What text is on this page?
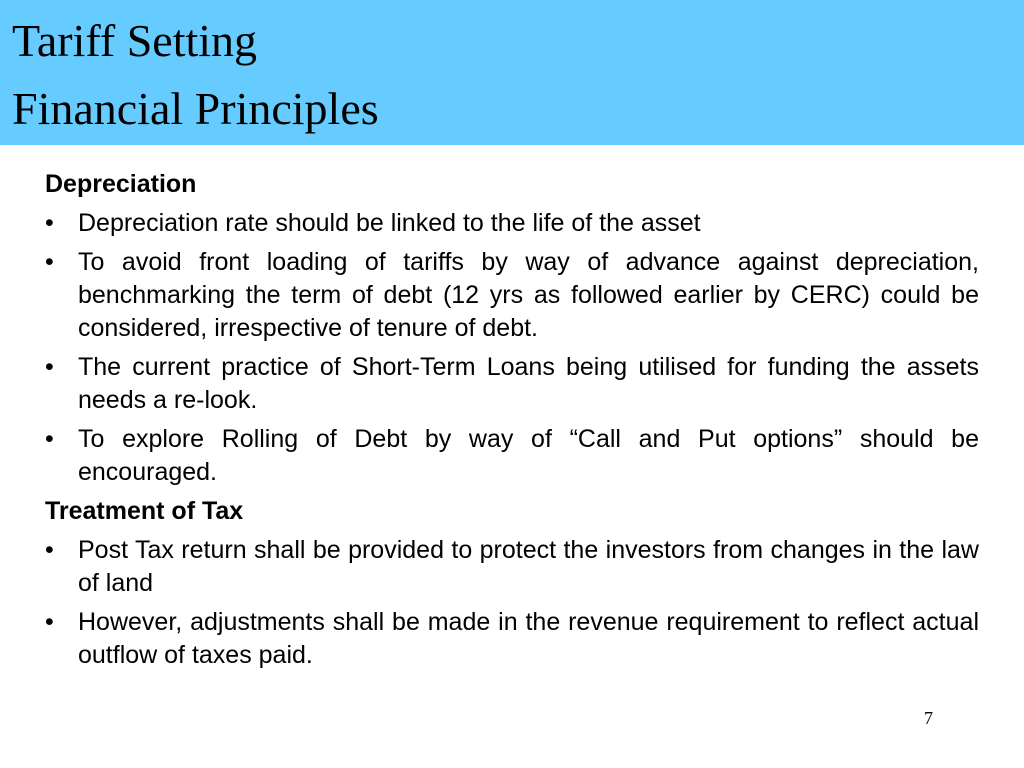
Tariff Setting
Financial Principles
Depreciation
• Depreciation rate should be linked to the life of the asset
• To avoid front loading of tariffs by way of advance against depreciation, benchmarking the term of debt (12 yrs as followed earlier by CERC) could be considered, irrespective of tenure of debt.
• The current practice of Short-Term Loans being utilised for funding the assets needs a re-look.
• To explore Rolling of Debt by way of “Call and Put options” should be encouraged.
Treatment of Tax
• Post Tax return shall be provided to protect the investors from changes in the law of land
• However, adjustments shall be made in the revenue requirement to reflect actual outflow of taxes paid.
7
